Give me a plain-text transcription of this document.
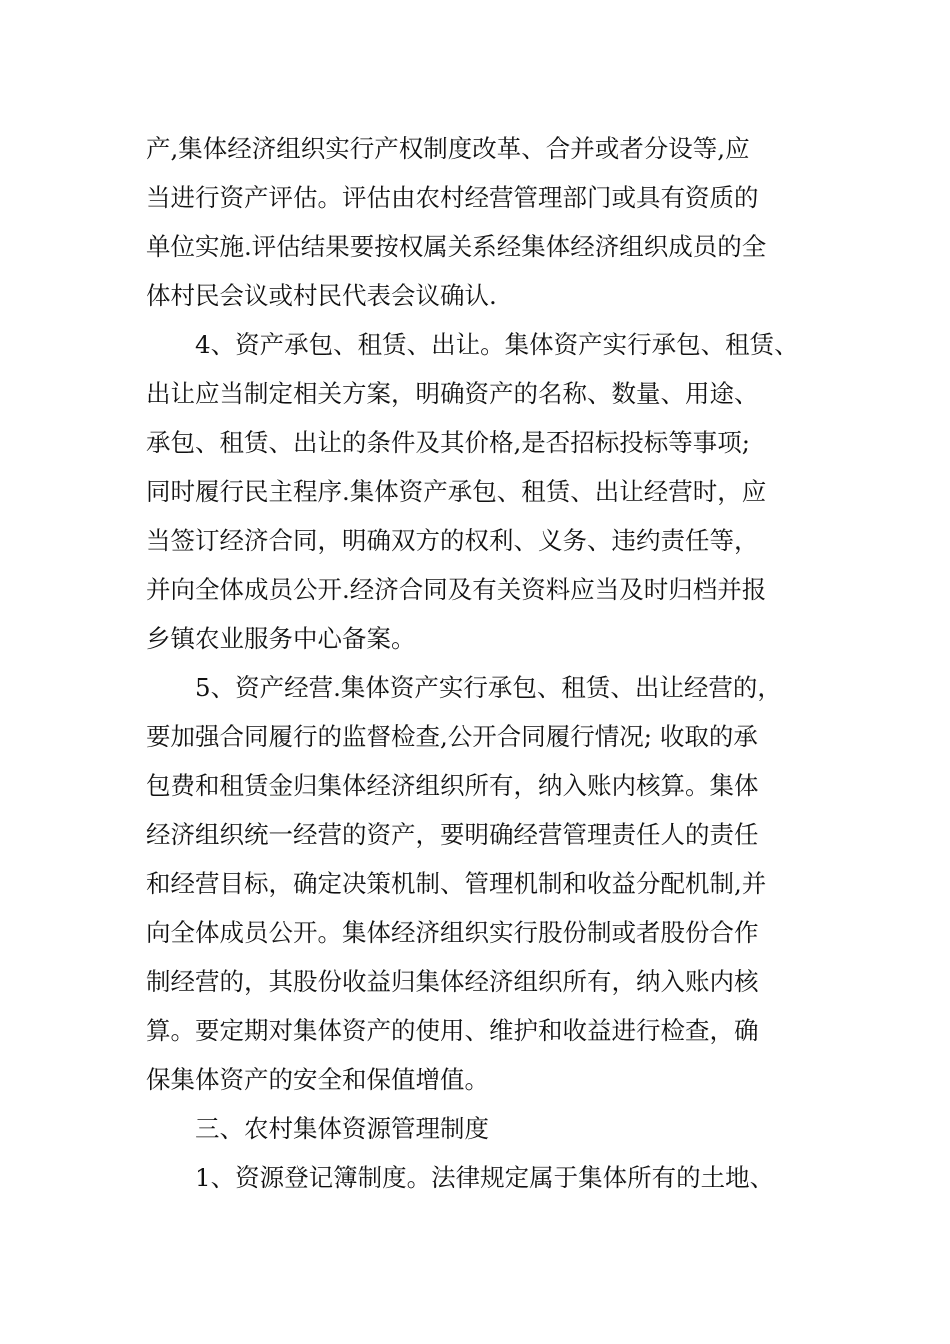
产,集体经济组织实行产权制度改革、合并或者分设等,应
当进行资产评估。评估由农村经营管理部门或具有资质的
单位实施.评估结果要按权属关系经集体经济组织成员的全
体村民会议或村民代表会议确认.
4、资产承包、租赁、出让。集体资产实行承包、租赁、
出让应当制定相关方案，明确资产的名称、数量、用途、
承包、租赁、出让的条件及其价格,是否招标投标等事项;
同时履行民主程序.集体资产承包、租赁、出让经营时，应
当签订经济合同，明确双方的权利、义务、违约责任等，
并向全体成员公开.经济合同及有关资料应当及时归档并报
乡镇农业服务中心备案。
5、资产经营.集体资产实行承包、租赁、出让经营的，
要加强合同履行的监督检查,公开合同履行情况; 收取的承
包费和租赁金归集体经济组织所有，纳入账内核算。集体
经济组织统一经营的资产，要明确经营管理责任人的责任
和经营目标，确定决策机制、管理机制和收益分配机制,并
向全体成员公开。集体经济组织实行股份制或者股份合作
制经营的，其股份收益归集体经济组织所有，纳入账内核
算。要定期对集体资产的使用、维护和收益进行检查，确
保集体资产的安全和保值增值。
三、农村集体资源管理制度
1、资源登记簿制度。法律规定属于集体所有的土地、
